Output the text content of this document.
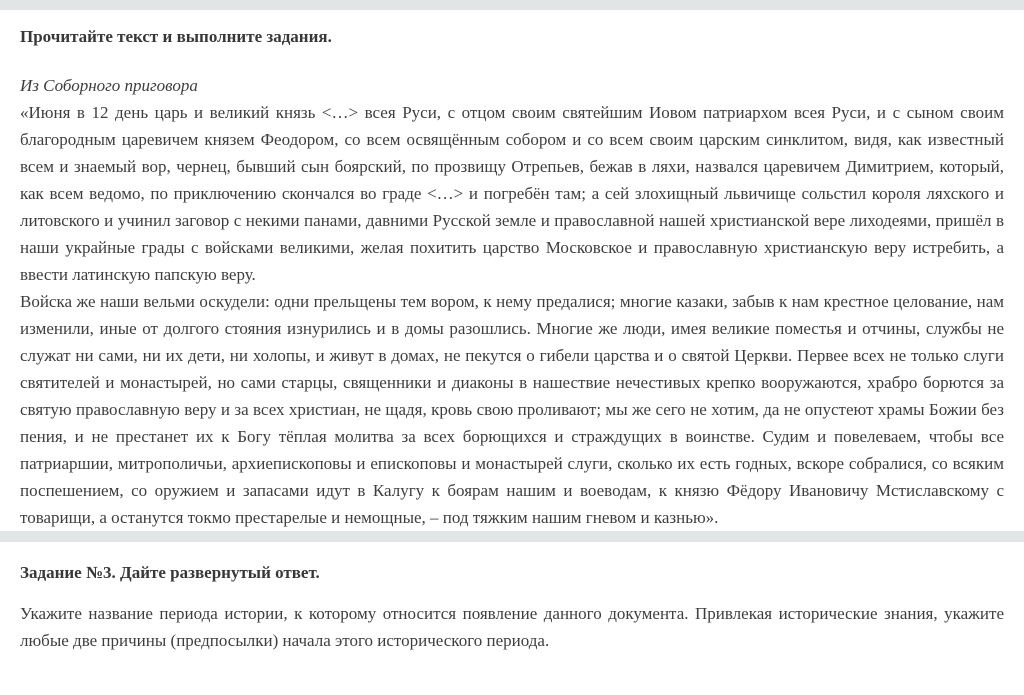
Прочитайте текст и выполните задания.

Из Соборного приговора

«Июня в 12 день царь и великий князь <…> всея Руси, с отцом своим святейшим Иовом патриархом всея Руси, и с сыном своим благородным царевичем князем Феодором, со всем освящённым собором и со всем своим царским синклитом, видя, как известный всем и знаемый вор, чернец, бывший сын боярский, по прозвищу Отрепьев, бежав в ляхи, назвался царевичем Димитрием, который, как всем ведомо, по приключению скончался во граде <…> и погребён там; а сей злохищный львичище сольстил короля ляхского и литовского и учинил заговор с некими панами, давними Русской земле и православной нашей христианской вере лиходеями, пришёл в наши украйные грады с войсками великими, желая похитить царство Московское и православную христианскую веру истребить, а ввести латинскую папскую веру.

Войска же наши вельми оскудели: одни прельщены тем вором, к нему предалися; многие казаки, забыв к нам крестное целование, нам изменили, иные от долгого стояния изнурились и в домы разошлись. Многие же люди, имея великие поместья и отчины, службы не служат ни сами, ни их дети, ни холопы, и живут в домах, не пекутся о гибели царства и о святой Церкви. Первее всех не только слуги святителей и монастырей, но сами старцы, священники и диаконы в нашествие нечестивых крепко вооружаются, храбро борются за святую православную веру и за всех христиан, не щадя, кровь свою проливают; мы же сего не хотим, да не опустеют храмы Божии без пения, и не престанет их к Богу тёплая молитва за всех борющихся и страждущих в воинстве. Судим и повелеваем, чтобы все патриаршии, митрополичьи, архиепископовы и епископовы и монастырей слуги, сколько их есть годных, вскоре собралися, со всяким поспешением, со оружием и запасами идут в Калугу к боярам нашим и воеводам, к князю Фёдору Ивановичу Мстиславскому с товарищи, а останутся токмо престарелые и немощные, – под тяжким нашим гневом и казнью».

Задание №3. Дайте развернутый ответ.

Укажите название периода истории, к которому относится появление данного документа. Привлекая исторические знания, укажите любые две причины (предпосылки) начала этого исторического периода.
